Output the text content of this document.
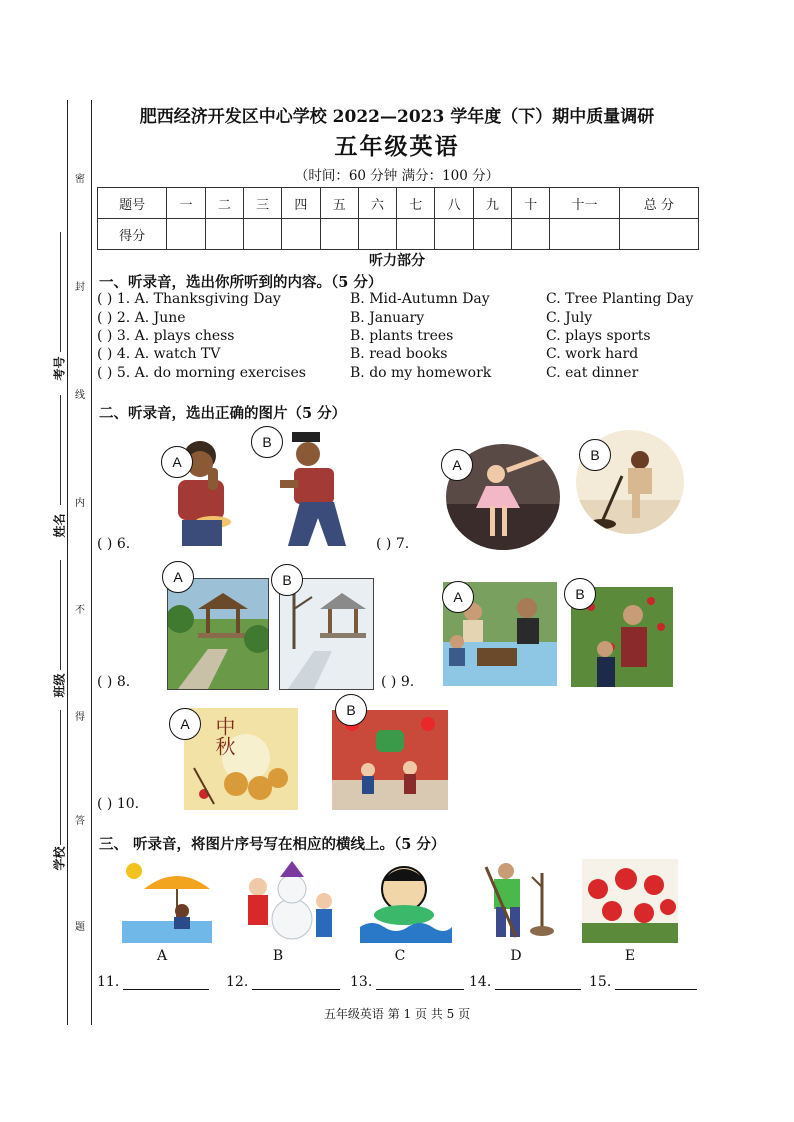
密
封
线
内
不
得
答
题
考号
姓名
班级
学校
肥西经济开发区中心学校 2022—2023 学年度（下）期中质量调研
五年级英语
（时间：60 分钟 满分：100 分）
题号	一	二	三	四	五	六	七	八	九	十	十一	总 分
得分												
听力部分
一、听录音，选出你所听到的内容。（5 分）
( ) 1. A. Thanksgiving Day	B. Mid-Autumn Day	C. Tree Planting Day
( ) 2. A. June	B. January	C. July
( ) 3. A. plays chess	B. plants trees	C. plays sports
( ) 4. A. watch TV	B. read books	C. work hard
( ) 5. A. do morning exercises	B. do my homework	C. eat dinner
二、听录音，选出正确的图片（5 分）
A
B
( ) 6.
A
B
( ) 7.
A	B
( ) 8.
A	B
( ) 9.
中秋
A
B
( ) 10.
三、 听录音，将图片序号写在相应的横线上。（5 分）
A	B	C	D	E
11.	12.	13.	14.	15.
五年级英语 第 1 页 共 5 页
